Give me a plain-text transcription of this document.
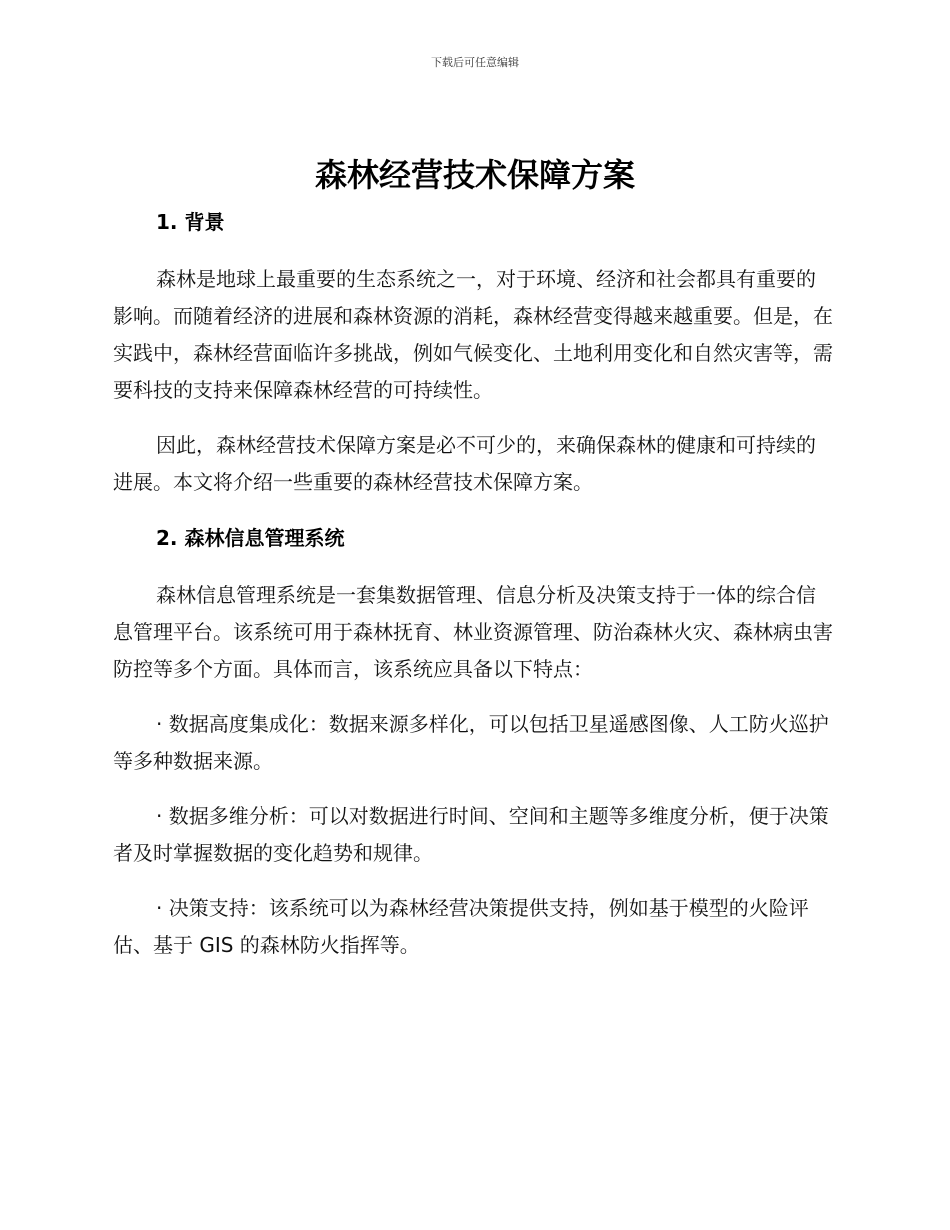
下载后可任意编辑
森林经营技术保障方案

1. 背景

森林是地球上最重要的生态系统之一，对于环境、经济和社会都具有重要的影响。而随着经济的进展和森林资源的消耗，森林经营变得越来越重要。但是，在实践中，森林经营面临许多挑战，例如气候变化、土地利用变化和自然灾害等，需要科技的支持来保障森林经营的可持续性。

因此，森林经营技术保障方案是必不可少的，来确保森林的健康和可持续的进展。本文将介绍一些重要的森林经营技术保障方案。

2. 森林信息管理系统

森林信息管理系统是一套集数据管理、信息分析及决策支持于一体的综合信息管理平台。该系统可用于森林抚育、林业资源管理、防治森林火灾、森林病虫害防控等多个方面。具体而言，该系统应具备以下特点：

· 数据高度集成化：数据来源多样化，可以包括卫星遥感图像、人工防火巡护等多种数据来源。

· 数据多维分析：可以对数据进行时间、空间和主题等多维度分析，便于决策者及时掌握数据的变化趋势和规律。

· 决策支持：该系统可以为森林经营决策提供支持，例如基于模型的火险评估、基于 GIS 的森林防火指挥等。
